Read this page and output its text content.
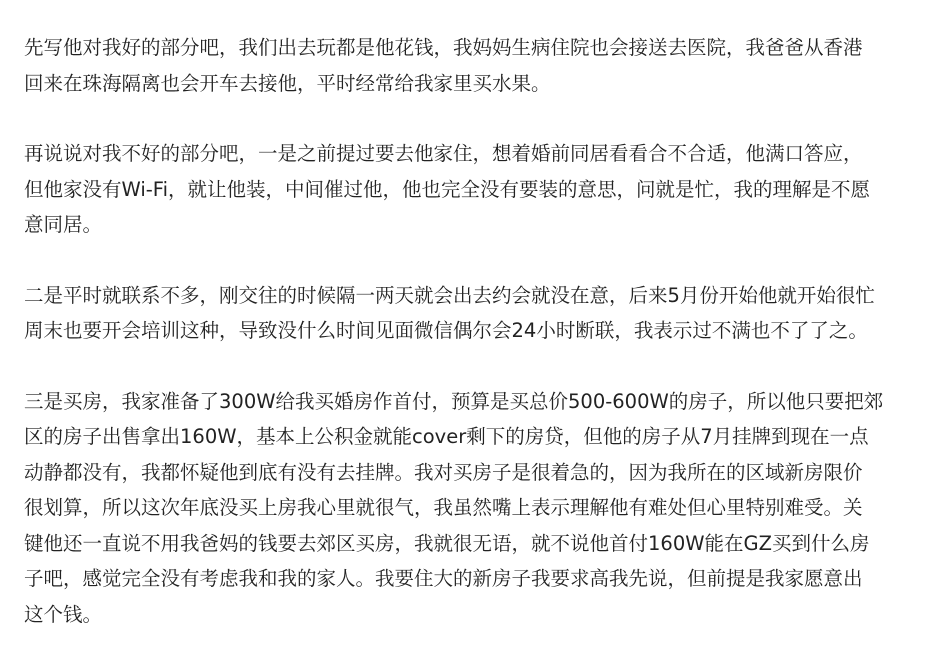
先写他对我好的部分吧，我们出去玩都是他花钱，我妈妈生病住院也会接送去医院，我爸爸从香港
回来在珠海隔离也会开车去接他，平时经常给我家里买水果。

再说说对我不好的部分吧，一是之前提过要去他家住，想着婚前同居看看合不合适，他满口答应，
但他家没有Wi-Fi，就让他装，中间催过他，他也完全没有要装的意思，问就是忙，我的理解是不愿
意同居。

二是平时就联系不多，刚交往的时候隔一两天就会出去约会就没在意，后来5月份开始他就开始很忙
周末也要开会培训这种，导致没什么时间见面微信偶尔会24小时断联，我表示过不满也不了了之。

三是买房，我家准备了300W给我买婚房作首付，预算是买总价500-600W的房子，所以他只要把郊
区的房子出售拿出160W，基本上公积金就能cover剩下的房贷，但他的房子从7月挂牌到现在一点
动静都没有，我都怀疑他到底有没有去挂牌。我对买房子是很着急的，因为我所在的区域新房限价
很划算，所以这次年底没买上房我心里就很气，我虽然嘴上表示理解他有难处但心里特别难受。关
键他还一直说不用我爸妈的钱要去郊区买房，我就很无语，就不说他首付160W能在GZ买到什么房
子吧，感觉完全没有考虑我和我的家人。我要住大的新房子我要求高我先说，但前提是我家愿意出
这个钱。
